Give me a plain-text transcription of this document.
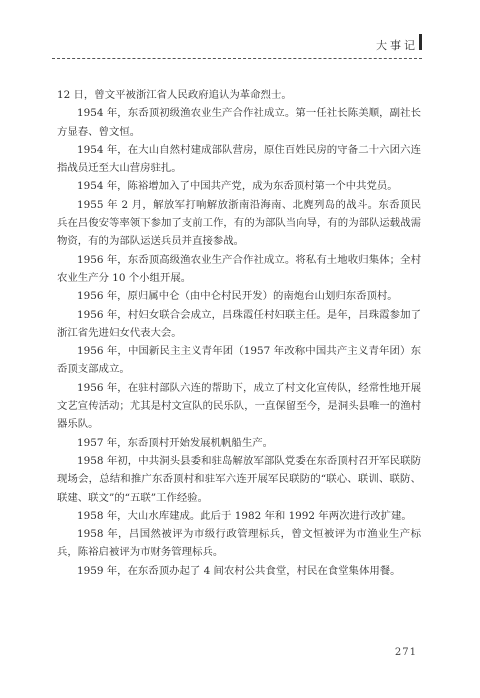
大事记

12 日，曾文平被浙江省人民政府追认为革命烈士。

1954 年，东岙顶初级渔农业生产合作社成立。第一任社长陈美顺，副社长方显春、曾文恒。

1954 年，在大山自然村建成部队营房，原住百姓民房的守备二十六团六连指战员迁至大山营房驻扎。

1954 年，陈裕增加入了中国共产党，成为东岙顶村第一个中共党员。

1955 年 2 月，解放军打响解放浙南沿海南、北麂列岛的战斗。东岙顶民兵在吕俊安等率领下参加了支前工作，有的为部队当向导，有的为部队运载战需物资，有的为部队运送兵员并直接参战。

1956 年，东岙顶高级渔农业生产合作社成立。将私有土地收归集体；全村农业生产分 10 个小组开展。

1956 年，原归属中仑（由中仑村民开发）的南炮台山划归东岙顶村。

1956 年，村妇女联合会成立，吕珠霞任村妇联主任。是年，吕珠霞参加了浙江省先进妇女代表大会。

1956 年，中国新民主主义青年团（1957 年改称中国共产主义青年团）东岙顶支部成立。

1956 年，在驻村部队六连的帮助下，成立了村文化宣传队，经常性地开展文艺宣传活动；尤其是村文宣队的民乐队，一直保留至今，是洞头县唯一的渔村器乐队。

1957 年，东岙顶村开始发展机帆船生产。

1958 年初，中共洞头县委和驻岛解放军部队党委在东岙顶村召开军民联防现场会，总结和推广东岙顶村和驻军六连开展军民联防的“联心、联训、联防、联建、联文”的“五联”工作经验。

1958 年，大山水库建成。此后于 1982 年和 1992 年两次进行改扩建。

1958 年，吕国然被评为市级行政管理标兵，曾文恒被评为市渔业生产标兵，陈裕启被评为市财务管理标兵。

1959 年，在东岙顶办起了 4 间农村公共食堂，村民在食堂集体用餐。

271
